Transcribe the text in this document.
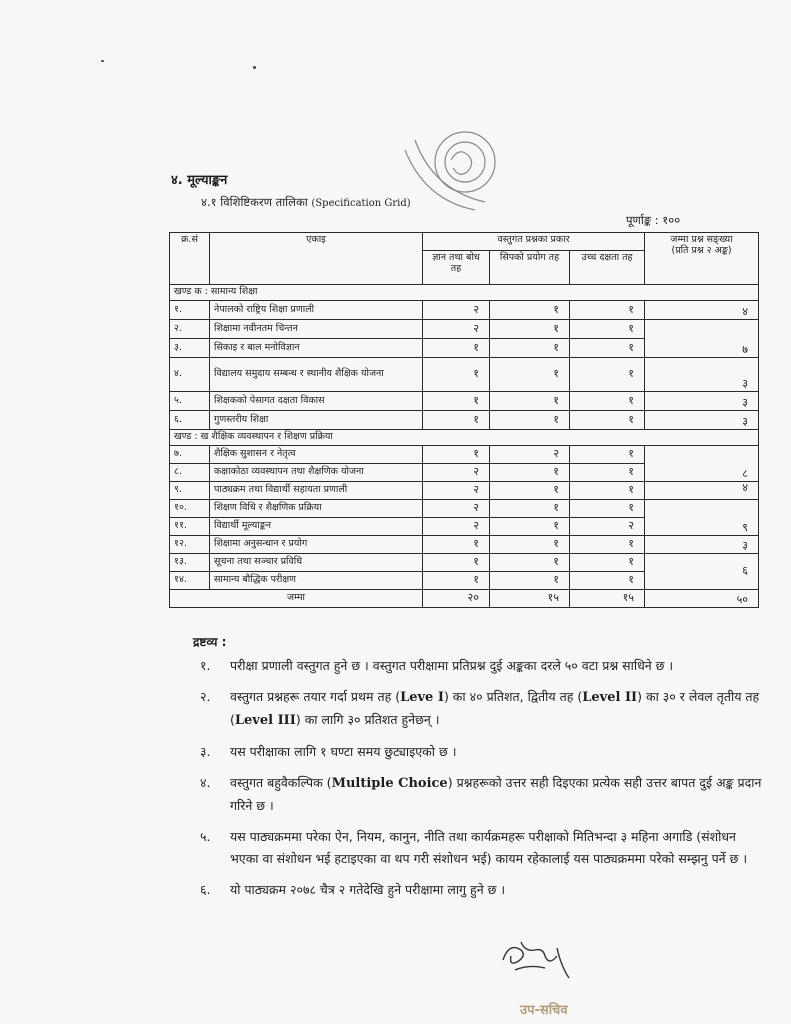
४. मूल्याङ्कन
४.१ विशिष्टिकरण तालिका (Specification Grid)
पूर्णाङ्क : १००
क्र.सं	एकाइ	वस्तुगत प्रश्नका प्रकार			जम्मा प्रश्न सङ्ख्या
(प्रति प्रश्न २ अङ्क)
		ज्ञान तथा बोध तह	सिपको प्रयोग तह	उच्च दक्षता तह	
खण्ड क : सामान्य शिक्षा					
१.	नेपालको राष्ट्रिय शिक्षा प्रणाली	२	१	१	४
२.	शिक्षामा नवीनतम चिन्तन	२	१	१	७
३.	सिकाइ र बाल मनोविज्ञान	१	१	१	
४.	विद्यालय समुदाय सम्बन्ध र स्थानीय शैक्षिक योजना	१	१	१	३
५.	शिक्षकको पेसागत दक्षता विकास	१	१	१	३
६.	गुणस्तरीय शिक्षा	१	१	१	३
खण्ड : ख शैक्षिक व्यवस्थापन र शिक्षण प्रक्रिया					
७.	शैक्षिक सुशासन र नेतृत्व	१	२	१	८
८.	कक्षाकोठा व्यवस्थापन तथा शैक्षणिक योजना	२	१	१	
९.	पाठ्यक्रम तथा विद्यार्थी सहायता प्रणाली	२	१	१	४
१०.	शिक्षण विधि र शैक्षणिक प्रक्रिया	२	१	१	९
११.	विद्यार्थी मूल्याङ्कन	२	१	२	
१२.	शिक्षामा अनुसन्धान र प्रयोग	१	१	१	३
१३.	सूचना तथा सञ्चार प्रविधि	१	१	१	६
१४.	सामान्य बौद्धिक परीक्षण	१	१	१	
जम्मा		२०	१५	१५	५०
द्रष्टव्य :
१. परीक्षा प्रणाली वस्तुगत हुने छ । वस्तुगत परीक्षामा प्रतिप्रश्न दुई अङ्कका दरले ५० वटा प्रश्न साधिने छ ।
२. वस्तुगत प्रश्नहरू तयार गर्दा प्रथम तह (Leve I) का ४० प्रतिशत, द्वितीय तह (Level II) का ३० र लेवल तृतीय तह (Level III) का लागि ३० प्रतिशत हुनेछन् ।
३. यस परीक्षाका लागि १ घण्टा समय छुट्याइएको छ ।
४. वस्तुगत बहुवैकल्पिक (Multiple Choice) प्रश्नहरूको उत्तर सही दिइएका प्रत्येक सही उत्तर बापत दुई अङ्क प्रदान गरिने छ ।
५. यस पाठ्यक्रममा परेका ऐन, नियम, कानुन, नीति तथा कार्यक्रमहरू परीक्षाको मितिभन्दा ३ महिना अगाडि (संशोधन भएका वा संशोधन भई हटाइएका वा थप गरी संशोधन भई) कायम रहेकालाई यस पाठ्यक्रममा परेको सम्झनु पर्ने छ ।
६. यो पाठ्यक्रम २०७८ चैत्र २ गतेदेखि हुने परीक्षामा लागु हुने छ ।
उप-सचिव
